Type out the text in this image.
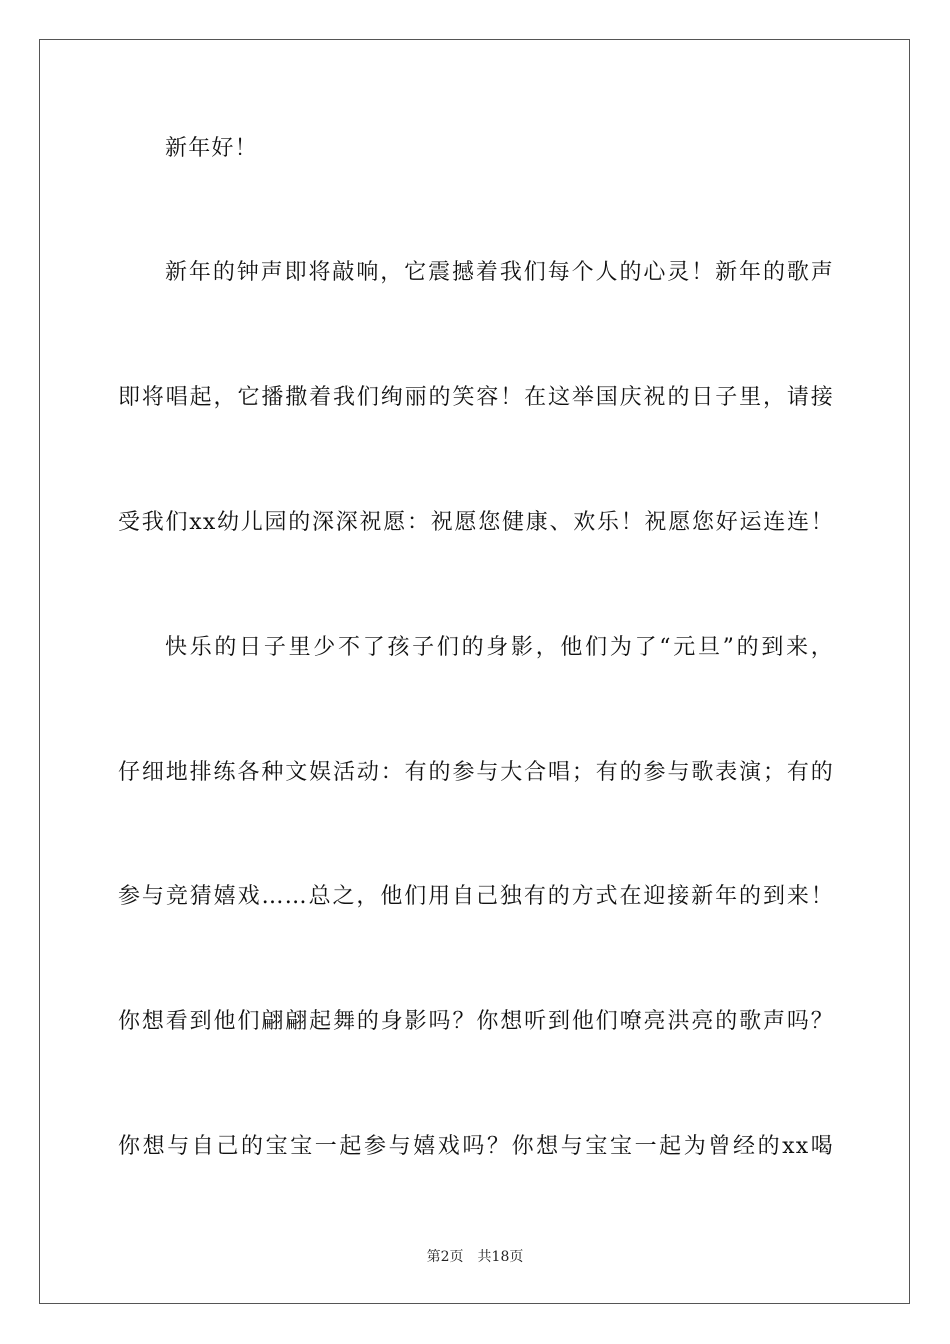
新年好！
新年的钟声即将敲响，它震撼着我们每个人的心灵！新年的歌声
即将唱起，它播撒着我们绚丽的笑容！在这举国庆祝的日子里，请接
受我们xx幼儿园的深深祝愿：祝愿您健康、欢乐！祝愿您好运连连！
快乐的日子里少不了孩子们的身影，他们为了“元旦”的到来，
仔细地排练各种文娱活动：有的参与大合唱；有的参与歌表演；有的
参与竞猜嬉戏……总之，他们用自己独有的方式在迎接新年的到来！
你想看到他们翩翩起舞的身影吗？你想听到他们嘹亮洪亮的歌声吗？
你想与自己的宝宝一起参与嬉戏吗？你想与宝宝一起为曾经的xx喝
第2页 共18页
